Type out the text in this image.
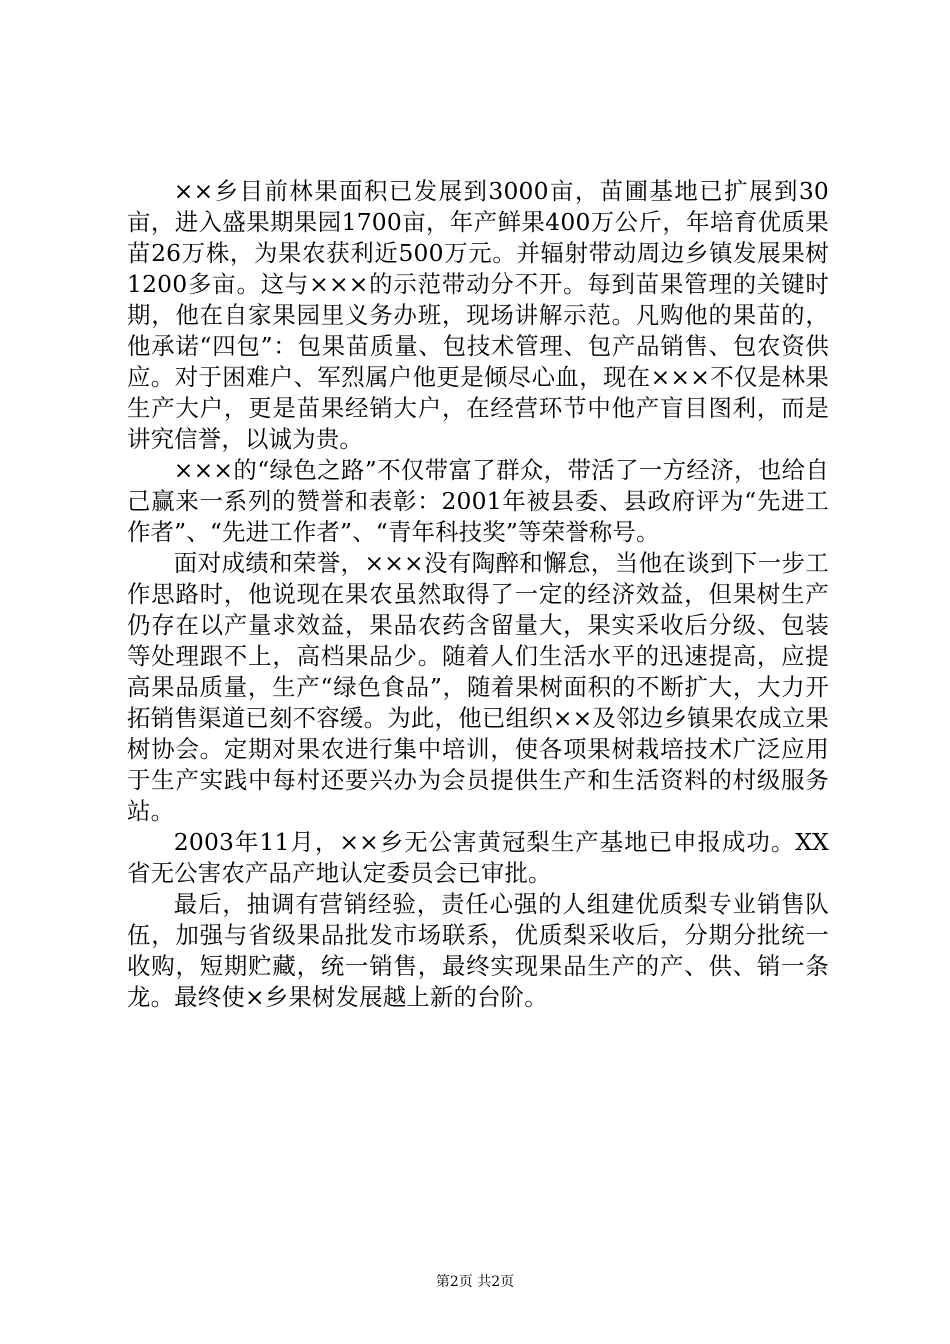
××乡目前林果面积已发展到3000亩，苗圃基地已扩展到30亩，进入盛果期果园1700亩，年产鲜果400万公斤，年培育优质果苗26万株，为果农获利近500万元。并辐射带动周边乡镇发展果树1200多亩。这与×××的示范带动分不开。每到苗果管理的关键时期，他在自家果园里义务办班，现场讲解示范。凡购他的果苗的，他承诺“四包”：包果苗质量、包技术管理、包产品销售、包农资供应。对于困难户、军烈属户他更是倾尽心血，现在×××不仅是林果生产大户，更是苗果经销大户，在经营环节中他产盲目图利，而是讲究信誉，以诚为贵。

×××的“绿色之路”不仅带富了群众，带活了一方经济，也给自己赢来一系列的赞誉和表彰：2001年被县委、县政府评为“先进工作者”、“先进工作者”、“青年科技奖”等荣誉称号。

面对成绩和荣誉，×××没有陶醉和懈怠，当他在谈到下一步工作思路时，他说现在果农虽然取得了一定的经济效益，但果树生产仍存在以产量求效益，果品农药含留量大，果实采收后分级、包装等处理跟不上，高档果品少。随着人们生活水平的迅速提高，应提高果品质量，生产“绿色食品”，随着果树面积的不断扩大，大力开拓销售渠道已刻不容缓。为此，他已组织××及邻边乡镇果农成立果树协会。定期对果农进行集中培训，使各项果树栽培技术广泛应用于生产实践中每村还要兴办为会员提供生产和生活资料的村级服务站。

2003年11月，××乡无公害黄冠梨生产基地已申报成功。XX省无公害农产品产地认定委员会已审批。

最后，抽调有营销经验，责任心强的人组建优质梨专业销售队伍，加强与省级果品批发市场联系，优质梨采收后，分期分批统一收购，短期贮藏，统一销售，最终实现果品生产的产、供、销一条龙。最终使×乡果树发展越上新的台阶。

第2页 共2页
